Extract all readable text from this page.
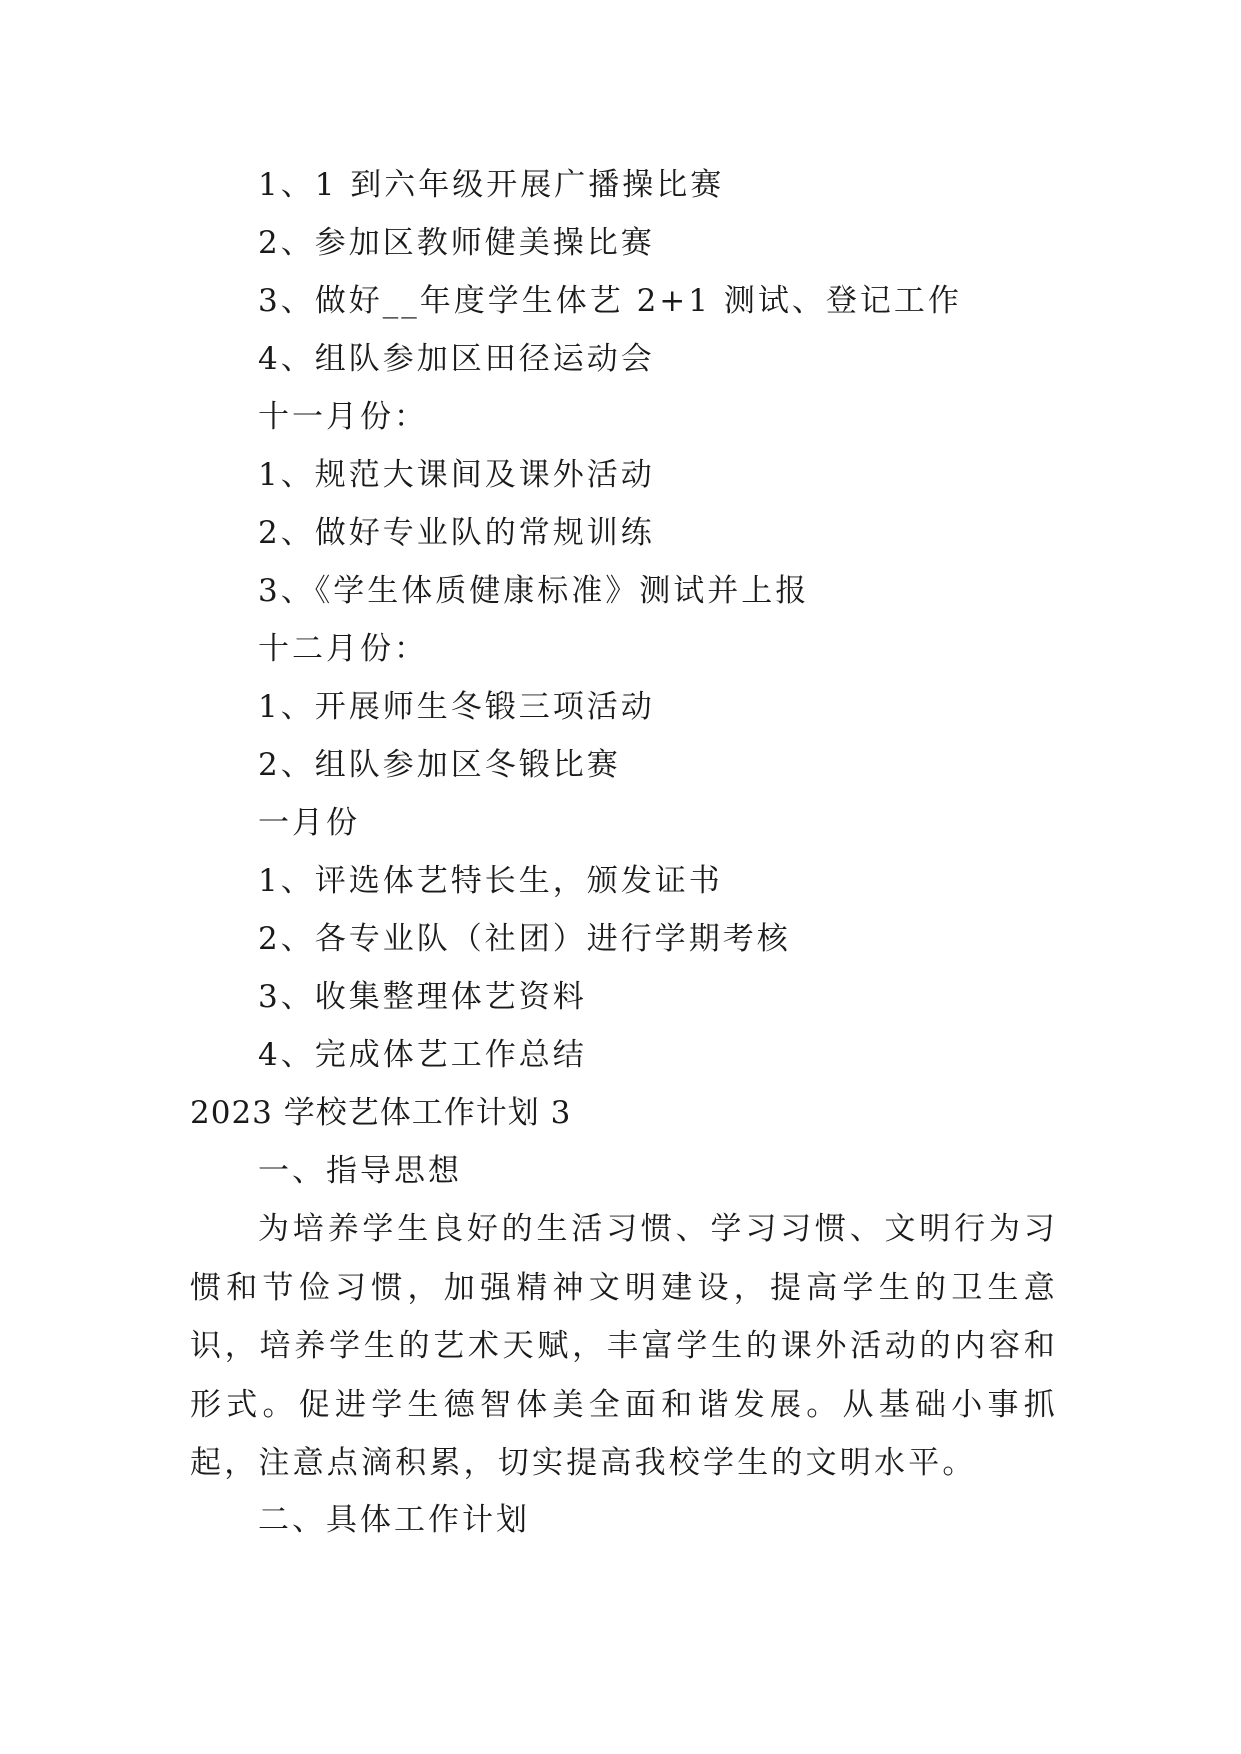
1、1 到六年级开展广播操比赛
2、参加区教师健美操比赛
3、做好__年度学生体艺 2+1 测试、登记工作
4、组队参加区田径运动会
十一月份：
1、规范大课间及课外活动
2、做好专业队的常规训练
3、《学生体质健康标准》测试并上报
十二月份：
1、开展师生冬锻三项活动
2、组队参加区冬锻比赛
一月份
1、评选体艺特长生，颁发证书
2、各专业队（社团）进行学期考核
3、收集整理体艺资料
4、完成体艺工作总结
2023 学校艺体工作计划 3
一、指导思想
为培养学生良好的生活习惯、学习习惯、文明行为习惯和节俭习惯，加强精神文明建设，提高学生的卫生意识，培养学生的艺术天赋，丰富学生的课外活动的内容和形式。促进学生德智体美全面和谐发展。从基础小事抓起，注意点滴积累，切实提高我校学生的文明水平。
二、具体工作计划
